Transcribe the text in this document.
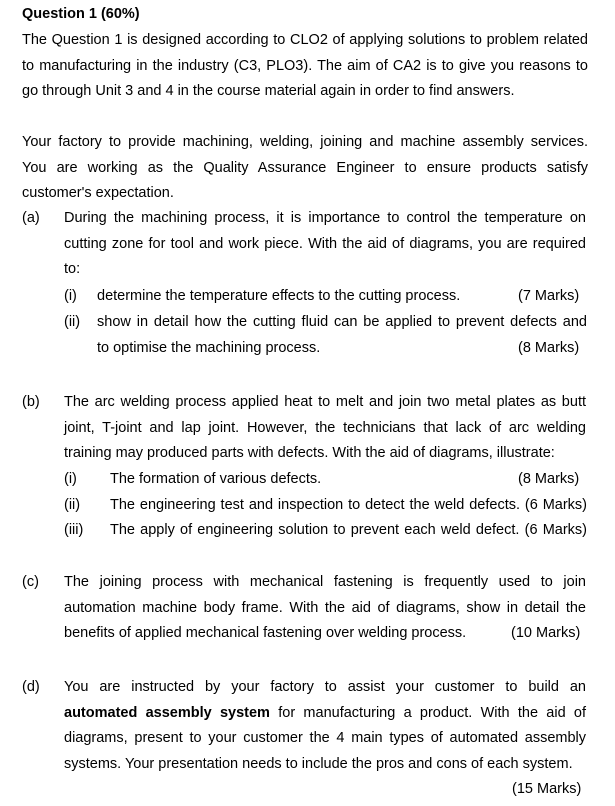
Question 1 (60%)
The Question 1 is designed according to CLO2 of applying solutions to problem related
to manufacturing in the industry (C3, PLO3). The aim of CA2 is to give you reasons to
go through Unit 3 and 4 in the course material again in order to find answers.
Your factory to provide machining, welding, joining and machine assembly services.
You are working as the Quality Assurance Engineer to ensure products satisfy
customer's expectation.
(a) During the machining process, it is importance to control the temperature on
cutting zone for tool and work piece. With the aid of diagrams, you are required
to:
(i) determine the temperature effects to the cutting process.	(7 Marks)
(ii) show in detail how the cutting fluid can be applied to prevent defects and
to optimise the machining process.	(8 Marks)
(b) The arc welding process applied heat to melt and join two metal plates as butt
joint, T-joint and lap joint. However, the technicians that lack of arc welding
training may produced parts with defects. With the aid of diagrams, illustrate:
(i) The formation of various defects.	(8 Marks)
(ii) The engineering test and inspection to detect the weld defects. (6 Marks)
(iii) The apply of engineering solution to prevent each weld defect. (6 Marks)
(c) The joining process with mechanical fastening is frequently used to join
automation machine body frame. With the aid of diagrams, show in detail the
benefits of applied mechanical fastening over welding process.	(10 Marks)
(d) You are instructed by your factory to assist your customer to build an
automated assembly system for manufacturing a product. With the aid of
diagrams, present to your customer the 4 main types of automated assembly
systems. Your presentation needs to include the pros and cons of each system.
(15 Marks)
